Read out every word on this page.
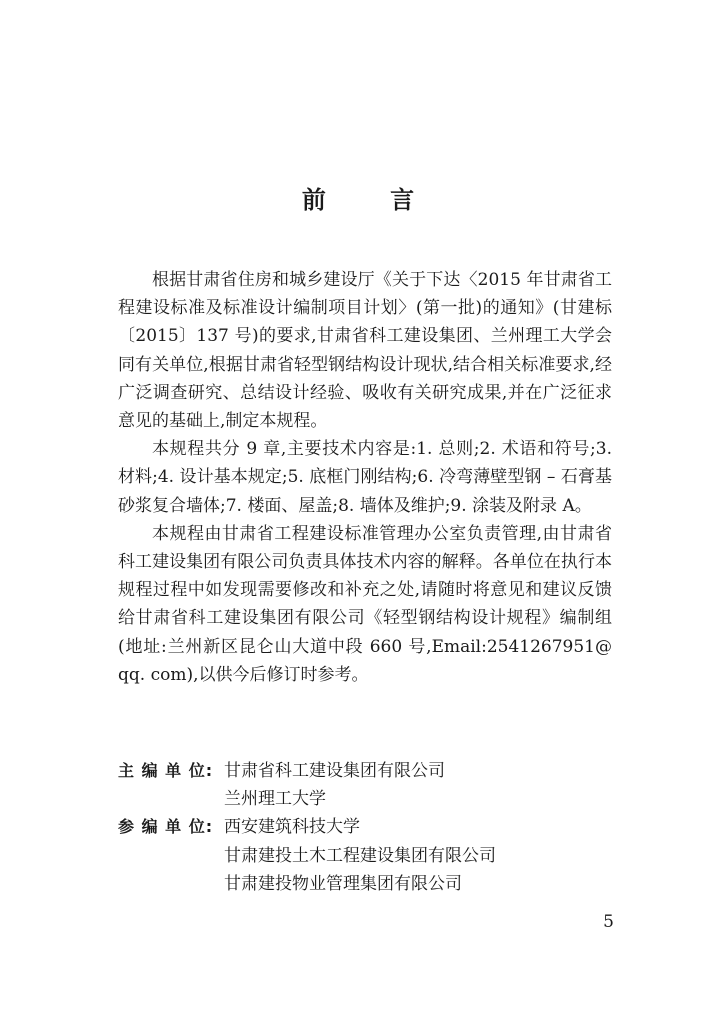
前 言

根据甘肃省住房和城乡建设厅《关于下达〈2015 年甘肃省工程建设标准及标准设计编制项目计划〉(第一批)的通知》(甘建标〔2015〕137 号)的要求,甘肃省科工建设集团、兰州理工大学会同有关单位,根据甘肃省轻型钢结构设计现状,结合相关标准要求,经广泛调查研究、总结设计经验、吸收有关研究成果,并在广泛征求意见的基础上,制定本规程。

本规程共分 9 章,主要技术内容是:1. 总则;2. 术语和符号;3. 材料;4. 设计基本规定;5. 底框门刚结构;6. 冷弯薄壁型钢 – 石膏基砂浆复合墙体;7. 楼面、屋盖;8. 墙体及维护;9. 涂装及附录 A。

本规程由甘肃省工程建设标准管理办公室负责管理,由甘肃省科工建设集团有限公司负责具体技术内容的解释。各单位在执行本规程过程中如发现需要修改和补充之处,请随时将意见和建议反馈给甘肃省科工建设集团有限公司《轻型钢结构设计规程》编制组(地址:兰州新区昆仑山大道中段 660 号,Email:2541267951@ qq. com),以供今后修订时参考。

主 编 单 位: 甘肃省科工建设集团有限公司
兰州理工大学
参 编 单 位: 西安建筑科技大学
甘肃建投土木工程建设集团有限公司
甘肃建投物业管理集团有限公司
5
